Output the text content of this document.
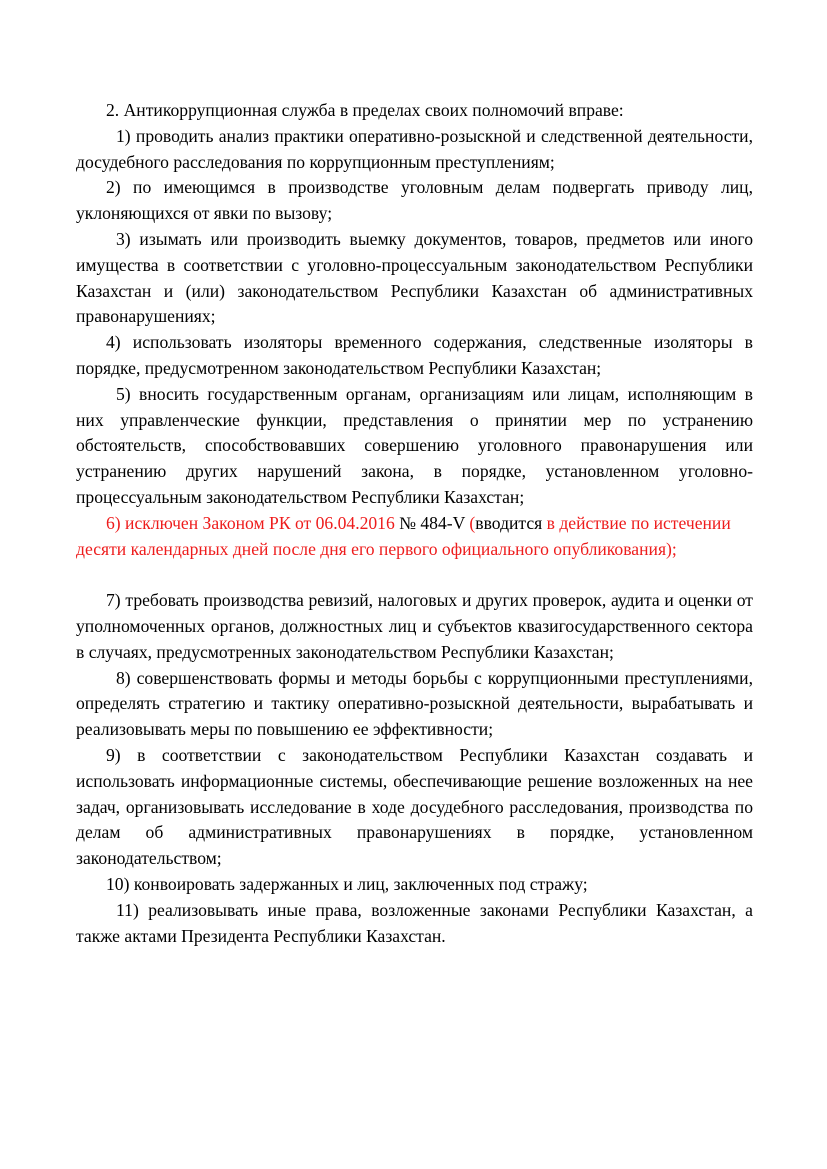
2. Антикоррупционная служба в пределах своих полномочий вправе:

1) проводить анализ практики оперативно-розыскной и следственной деятельности, досудебного расследования по коррупционным преступлениям;

2) по имеющимся в производстве уголовным делам подвергать приводу лиц, уклоняющихся от явки по вызову;

3) изымать или производить выемку документов, товаров, предметов или иного имущества в соответствии с уголовно-процессуальным законодательством Республики Казахстан и (или) законодательством Республики Казахстан об административных правонарушениях;

4) использовать изоляторы временного содержания, следственные изоляторы в порядке, предусмотренном законодательством Республики Казахстан;

5) вносить государственным органам, организациям или лицам, исполняющим в них управленческие функции, представления о принятии мер по устранению обстоятельств, способствовавших совершению уголовного правонарушения или устранению других нарушений закона, в порядке, установленном уголовно-процессуальным законодательством Республики Казахстан;

6) исключен Законом РК от 06.04.2016 № 484-V (вводится в действие по истечении десяти календарных дней после дня его первого официального опубликования);

7) требовать производства ревизий, налоговых и других проверок, аудита и оценки от уполномоченных органов, должностных лиц и субъектов квазигосударственного сектора в случаях, предусмотренных законодательством Республики Казахстан;

8) совершенствовать формы и методы борьбы с коррупционными преступлениями, определять стратегию и тактику оперативно-розыскной деятельности, вырабатывать и реализовывать меры по повышению ее эффективности;

9) в соответствии с законодательством Республики Казахстан создавать и использовать информационные системы, обеспечивающие решение возложенных на нее задач, организовывать исследование в ходе досудебного расследования, производства по делам об административных правонарушениях в порядке, установленном законодательством;

10) конвоировать задержанных и лиц, заключенных под стражу;

11) реализовывать иные права, возложенные законами Республики Казахстан, а также актами Президента Республики Казахстан.
